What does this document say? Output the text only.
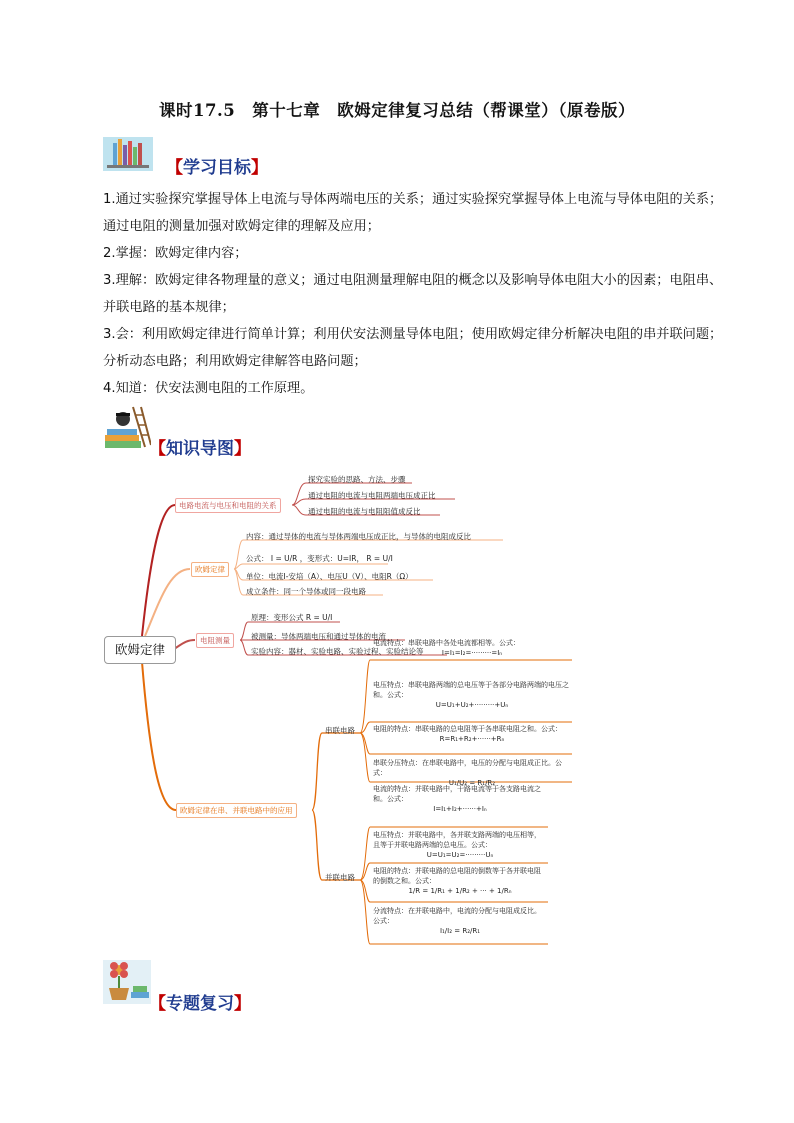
课时17.5　第十七章　欧姆定律复习总结（帮课堂）（原卷版）
【学习目标】

1.通过实验探究掌握导体上电流与导体两端电压的关系；通过实验探究掌握导体上电流与导体电阻的关系；通过电阻的测量加强对欧姆定律的理解及应用；

2.掌握：欧姆定律内容；

3.理解：欧姆定律各物理量的意义；通过电阻测量理解电阻的概念以及影响导体电阻大小的因素；电阻串、并联电路的基本规律；

3.会：利用欧姆定律进行简单计算；利用伏安法测量导体电阻；使用欧姆定律分析解决电阻的串并联问题；分析动态电路；利用欧姆定律解答电路问题；

4.知道：伏安法测电阻的工作原理。

【知识导图】
欧姆定律
电路电流与电压和电阻的关系
探究实验的思路、方法、步骤
通过电阻的电流与电阻两端电压成正比
通过电阻的电流与电阻阻值成反比
欧姆定律
内容：通过导体的电流与导体两端电压成正比，与导体的电阻成反比
公式： I = U/R ，变形式：U=IR， R = U/I
单位：电流I-安培（A）、电压U（V）、电阻R（Ω）
成立条件：同一个导体或同一段电路
电阻测量
原理：变形公式 R = U/I
被测量：导体两端电压和通过导体的电流
实验内容：器材、实验电路、实验过程、实验结论等
欧姆定律在串、并联电路中的应用
串联电路
并联电路
电流特点：串联电路中各处电流都相等。公式：
I=I₁=I₂=·········=Iₙ
电压特点：串联电路两端的总电压等于各部分电路两端的电压之和。公式：
U=U₁+U₂+·········+Uₙ
电阻的特点：串联电路的总电阻等于各串联电阻之和。公式：
R=R₁+R₂+······+Rₙ
串联分压特点：在串联电路中，电压的分配与电阻成正比。公式：
U₁/U₂ = R₁/R₂
电流的特点：并联电路中，干路电流等于各支路电流之和。公式：
I=I₁+I₂+······+Iₙ
电压特点：并联电路中，各并联支路两端的电压相等，且等于并联电路两端的总电压。公式：
U=U₁=U₂=·········Uₙ
电阻的特点：并联电路的总电阻的倒数等于各并联电阻的倒数之和。公式：
1/R = 1/R₁ + 1/R₂ + ··· + 1/Rₙ
分流特点：在并联电路中，电流的分配与电阻成反比。公式：
I₁/I₂ = R₂/R₁
【专题复习】
